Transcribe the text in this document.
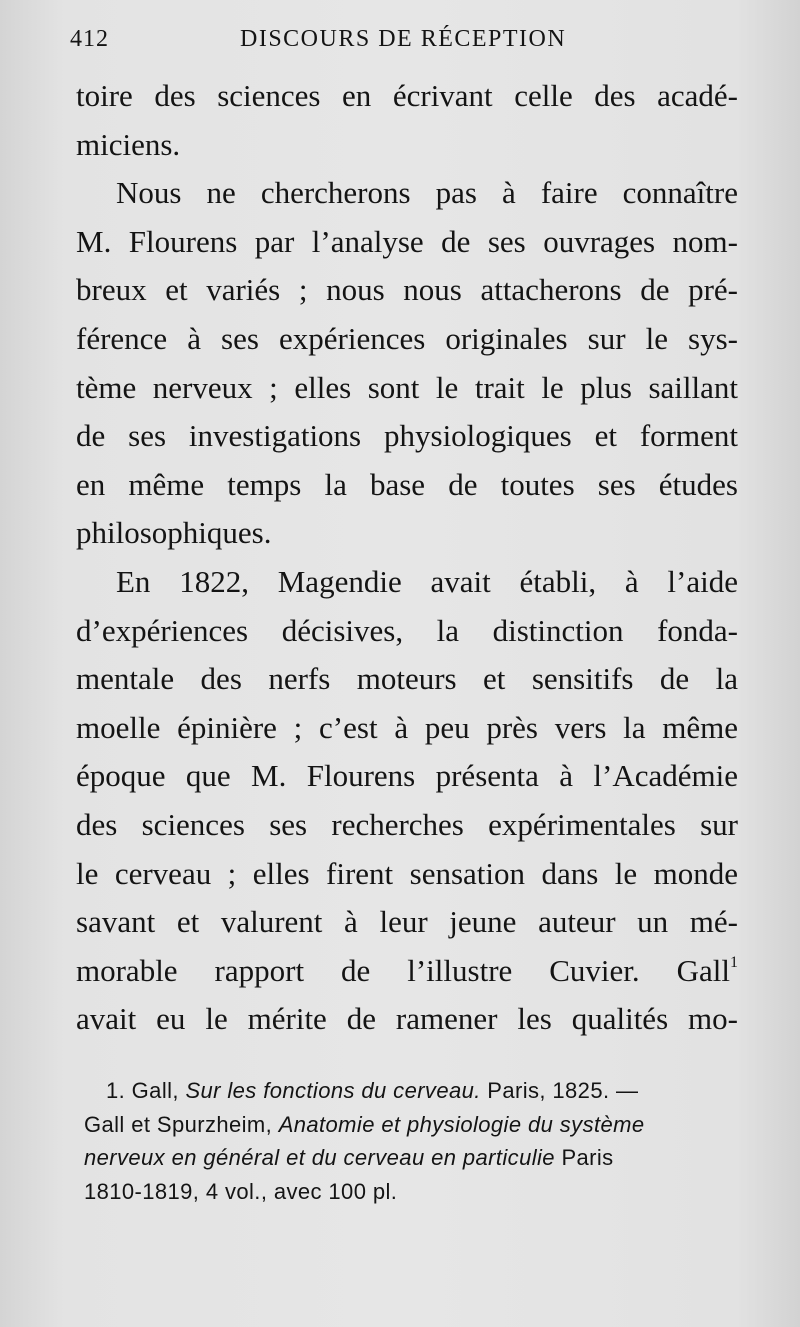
412	DISCOURS DE RÉCEPTION
toire des sciences en écrivant celle des acadé-
miciens.
Nous ne chercherons pas à faire connaître
M. Flourens par l’analyse de ses ouvrages nom-
breux et variés ; nous nous attacherons de pré-
férence à ses expériences originales sur le sys-
tème nerveux ; elles sont le trait le plus saillant
de ses investigations physiologiques et forment
en même temps la base de toutes ses études
philosophiques.
En 1822, Magendie avait établi, à l’aide
d’expériences décisives, la distinction fonda-
mentale des nerfs moteurs et sensitifs de la
moelle épinière ; c’est à peu près vers la même
époque que M. Flourens présenta à l’Académie
des sciences ses recherches expérimentales sur
le cerveau ; elles firent sensation dans le monde
savant et valurent à leur jeune auteur un mé-
morable rapport de l’illustre Cuvier. Gall$^1$
avait eu le mérite de ramener les qualités mo-
1. Gall, Sur les fonctions du cerveau. Paris, 1825. —
Gall et Spurzheim, Anatomie et physiologie du système
nerveux en général et du cerveau en particulie Paris
1810-1819, 4 vol., avec 100 pl.
